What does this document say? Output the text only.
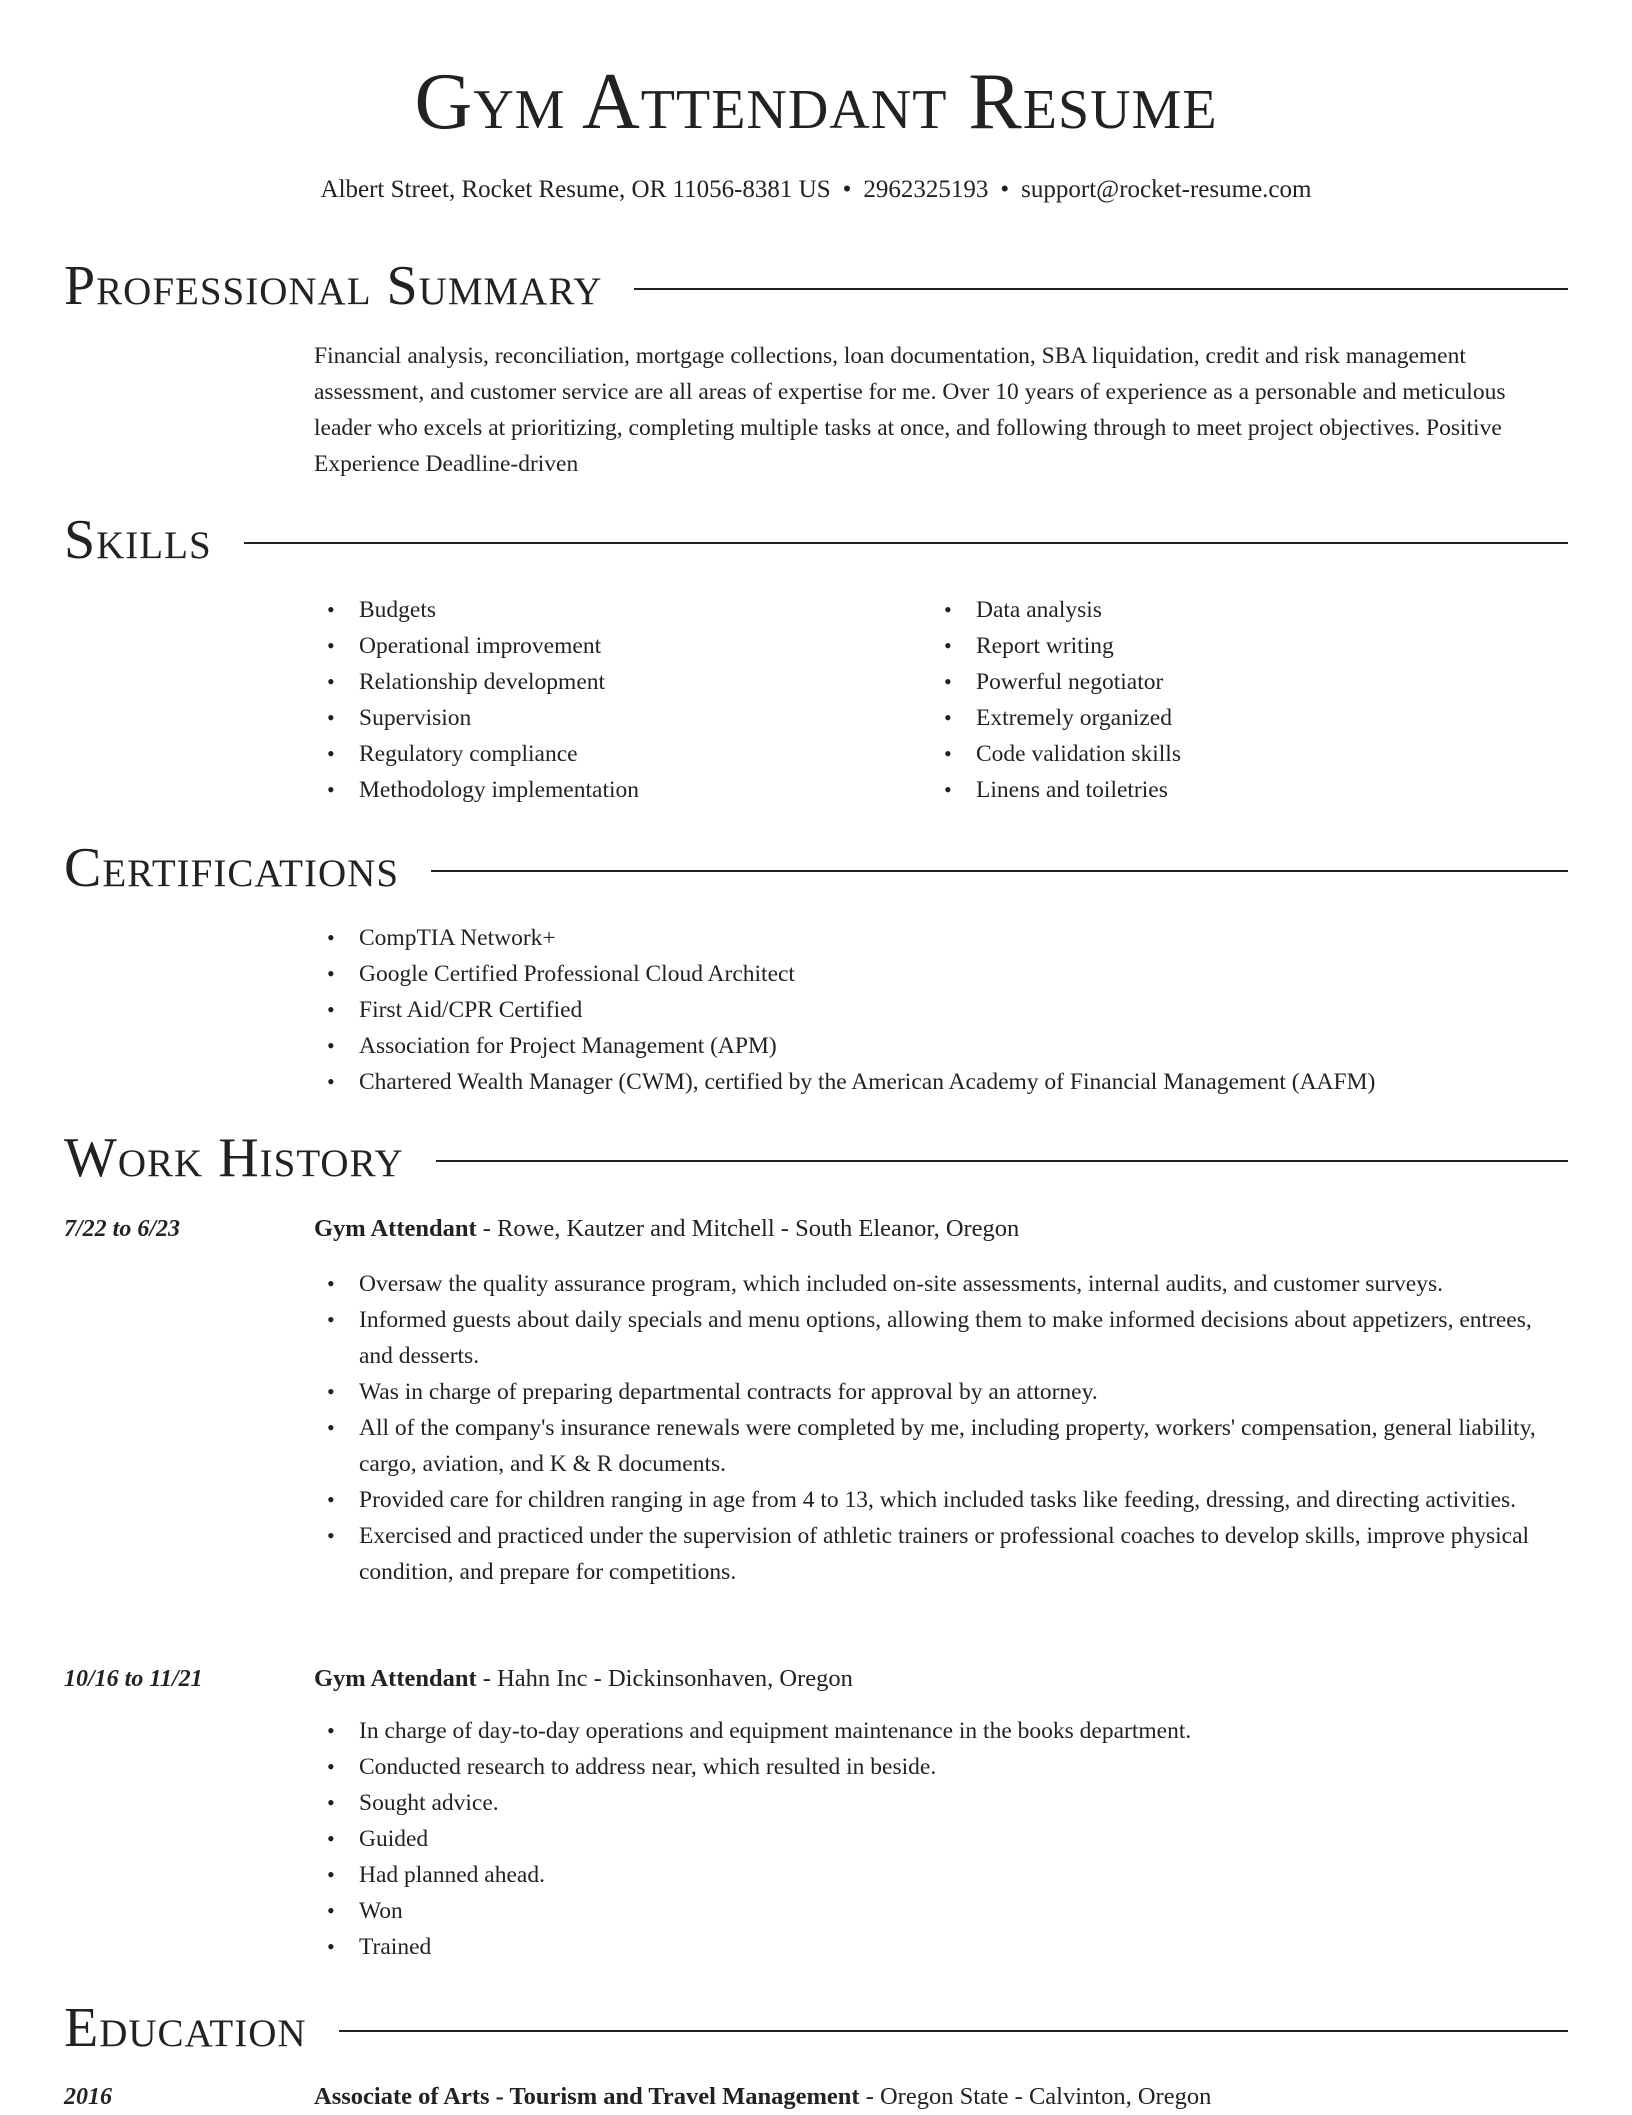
Gym Attendant Resume
Albert Street, Rocket Resume, OR 11056-8381 US • 2962325193 • support@rocket-resume.com
Professional Summary

Financial analysis, reconciliation, mortgage collections, loan documentation, SBA liquidation, credit and risk management assessment, and customer service are all areas of expertise for me. Over 10 years of experience as a personable and meticulous leader who excels at prioritizing, completing multiple tasks at once, and following through to meet project objectives. Positive Experience Deadline-driven

Skills
• Budgets
• Operational improvement
• Relationship development
• Supervision
• Regulatory compliance
• Methodology implementation
• Data analysis
• Report writing
• Powerful negotiator
• Extremely organized
• Code validation skills
• Linens and toiletries
Certifications
• CompTIA Network+
• Google Certified Professional Cloud Architect
• First Aid/CPR Certified
• Association for Project Management (APM)
• Chartered Wealth Manager (CWM), certified by the American Academy of Financial Management (AAFM)
Work History
7/22 to 6/23	Gym Attendant - Rowe, Kautzer and Mitchell - South Eleanor, Oregon
• Oversaw the quality assurance program, which included on-site assessments, internal audits, and customer surveys.
• Informed guests about daily specials and menu options, allowing them to make informed decisions about appetizers, entrees, and desserts.
• Was in charge of preparing departmental contracts for approval by an attorney.
• All of the company's insurance renewals were completed by me, including property, workers' compensation, general liability, cargo, aviation, and K & R documents.
• Provided care for children ranging in age from 4 to 13, which included tasks like feeding, dressing, and directing activities.
• Exercised and practiced under the supervision of athletic trainers or professional coaches to develop skills, improve physical condition, and prepare for competitions.
10/16 to 11/21	Gym Attendant - Hahn Inc - Dickinsonhaven, Oregon
• In charge of day-to-day operations and equipment maintenance in the books department.
• Conducted research to address near, which resulted in beside.
• Sought advice.
• Guided
• Had planned ahead.
• Won
• Trained
Education
2016	Associate of Arts - Tourism and Travel Management - Oregon State - Calvinton, Oregon
